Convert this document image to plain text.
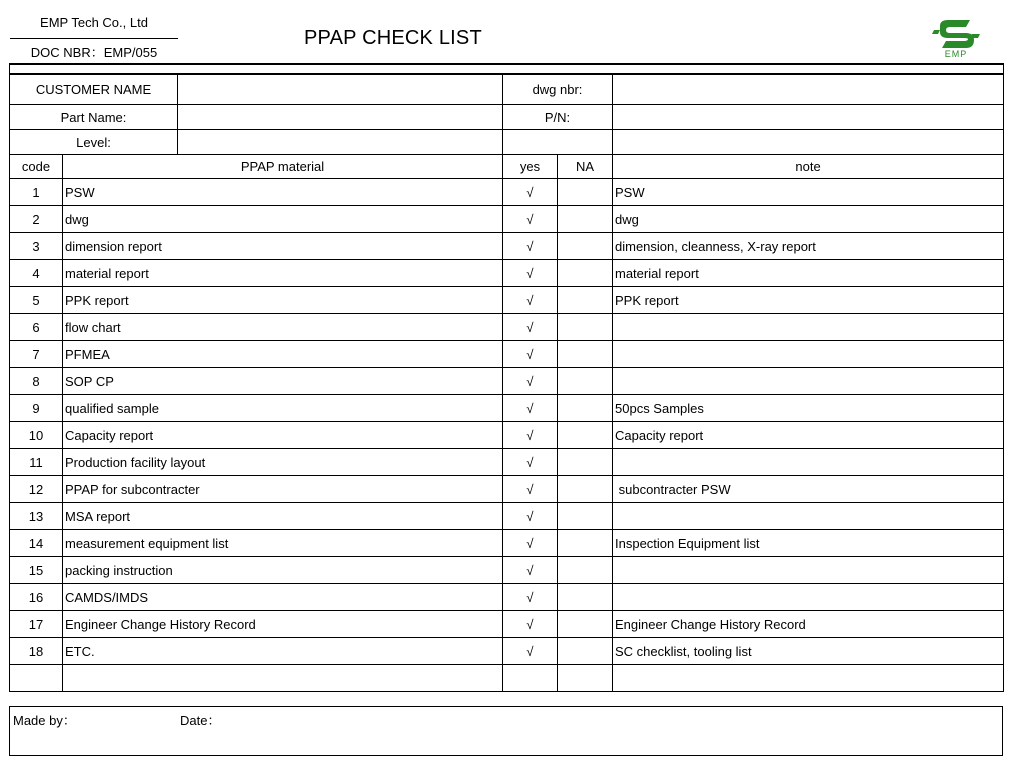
EMP Tech Co., Ltd
DOC NBR：EMP/055
PPAP CHECK LIST
EMP

CUSTOMER NAME			dwg nbr:		
Part Name:			P/N:		
Level:					
code	PPAP material		yes	NA	note
1	PSW		√		PSW
2	dwg		√		dwg
3	dimension report		√		dimension, cleanness, X-ray report
4	material report		√		material report
5	PPK report		√		PPK report
6	flow chart		√		
7	PFMEA		√		
8	SOP CP		√		
9	qualified sample		√		50pcs Samples
10	Capacity report		√		Capacity report
11	Production facility layout		√		
12	PPAP for subcontracter		√		subcontracter PSW
13	MSA report		√		
14	measurement equipment list		√		Inspection Equipment list
15	packing instruction		√		
16	CAMDS/IMDS		√		
17	Engineer Change History Record		√		Engineer Change History Record
18	ETC.		√		SC checklist, tooling list

Made by：	Date：
